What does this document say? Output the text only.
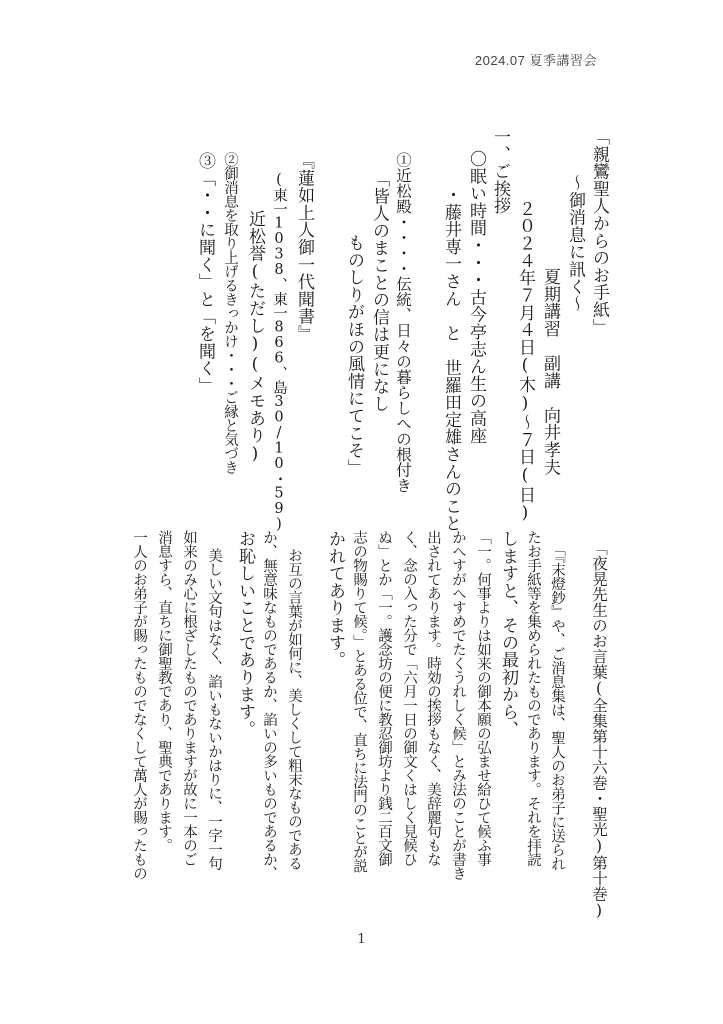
2024.07 夏季講習会
「親鸞聖人からのお手紙」
～御消息に訊く～
夏期講習　副講　向井孝夫
２０２４年７月４日(木)～７日(日)
一、ご挨拶
〇眠い時間・・・古今亭志ん生の高座
・藤井専一さん　と　世羅田定雄さんのこと
①近松殿・・・・伝統、日々の暮らしへの根付き
「皆人のまことの信は更になし
ものしりがほの風情にてこそ」
『蓮如上人御一代聞書』
(東一1038、東一866、島30/10・59)
②御消息を取り上げるきっかけ・・・ご縁と気づき 近松誉(ただし)(メモあり)
③「・・に聞く」と「を聞く」
「夜晃先生のお言葉(全集第十六巻・聖光)第十巻)
「『末燈鈔』や、ご消息集は、聖人のお弟子に送られ
たお手紙等を集められたものであります。それを拝読
しますと、その最初から、
「一。何事よりは如来の御本願の弘ませ給ひて候ふ事
かへすがへすめでたくうれしく候」とみ法のことが書き
出されてあります。時効の挨拶もなく、美辞麗句もな
く、念の入った分で「六月一日の御文くはしく見候ひ
ぬ」とか「一。護念坊の便に教忍御坊より銭二百文御
志の物賜りて候。」とある位で、直ちに法門のことが説
かれてあります。
お互の言葉が如何に、美しくして粗末なものである
か、無意味なものであるか、諂いの多いものであるか、
お恥しいことであります。
美しい文句はなく、諂いもないかはりに、一字一句
如来のみ心に根ざしたものでありますが故に一本のご
消息すら、直ちに御聖教であり、聖典であります。
一人のお弟子が賜ったものでなくして萬人が賜ったもの
1
